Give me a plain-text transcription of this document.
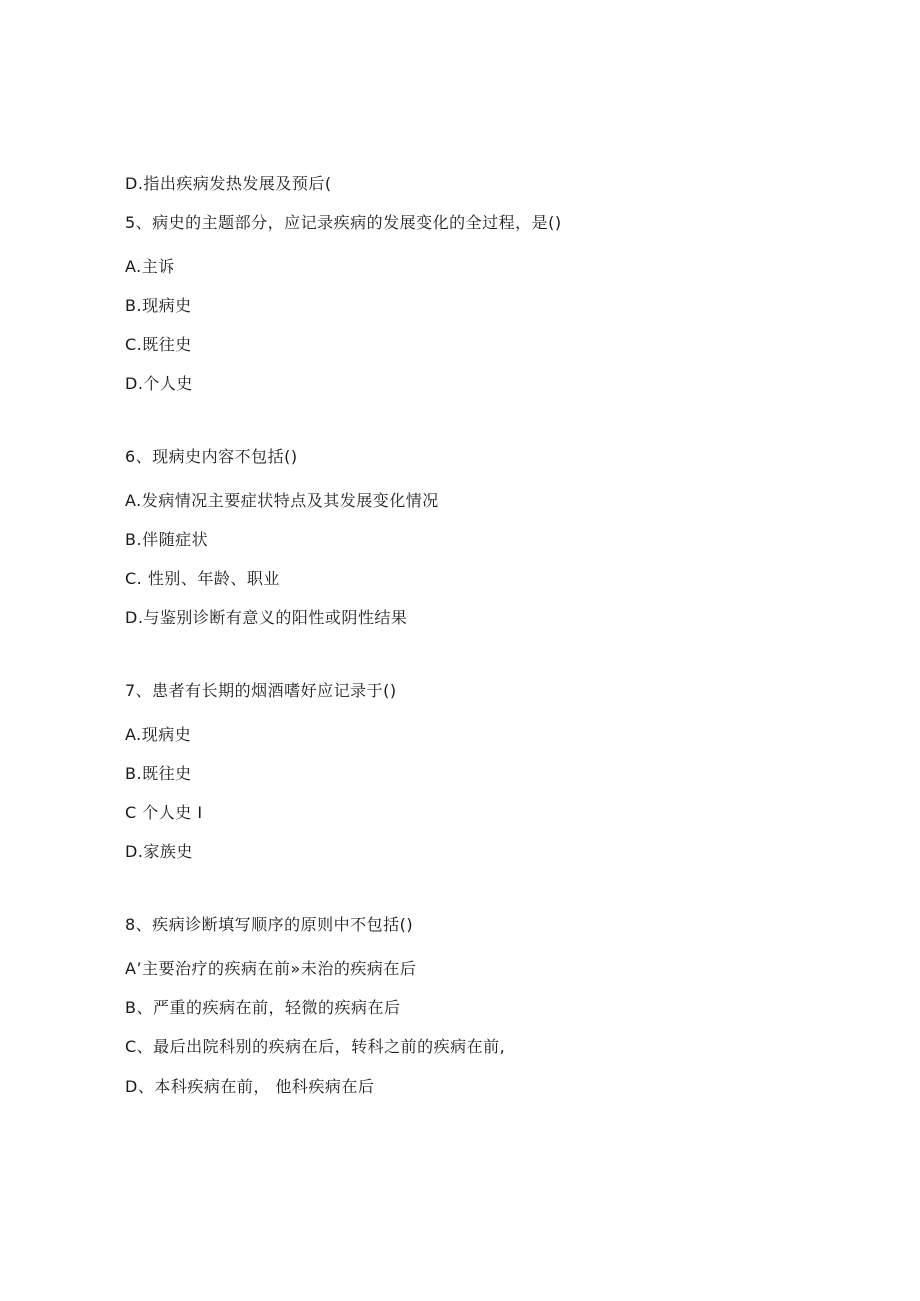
D.指出疾病发热发展及预后(
5、病史的主题部分，应记录疾病的发展变化的全过程，是()
A.主诉
B.现病史
C.既往史
D.个人史
6、现病史内容不包括()
A.发病情况主要症状特点及其发展变化情况
B.伴随症状
C. 性别、年龄、职业
D.与鉴别诊断有意义的阳性或阴性结果
7、患者有长期的烟酒嗜好应记录于()
A.现病史
B.既往史
C 个人史 I
D.家族史
8、疾病诊断填写顺序的原则中不包括()
A’主要治疗的疾病在前»未治的疾病在后
B、严重的疾病在前，轻微的疾病在后
C、最后出院科别的疾病在后，转科之前的疾病在前,
D、本科疾病在前， 他科疾病在后
